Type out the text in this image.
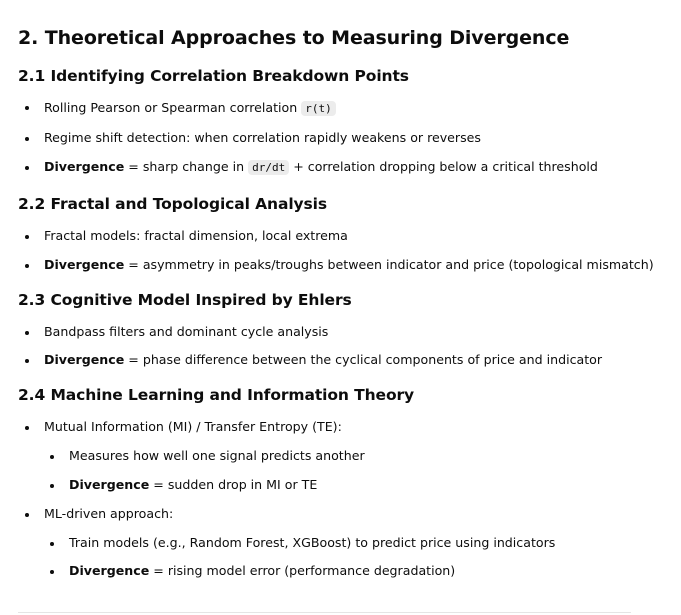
2. Theoretical Approaches to Measuring Divergence
2.1 Identifying Correlation Breakdown Points
Rolling Pearson or Spearman correlation r(t)
Regime shift detection: when correlation rapidly weakens or reverses
Divergence = sharp change in dr/dt + correlation dropping below a critical threshold
2.2 Fractal and Topological Analysis
Fractal models: fractal dimension, local extrema
Divergence = asymmetry in peaks/troughs between indicator and price (topological mismatch)
2.3 Cognitive Model Inspired by Ehlers
Bandpass filters and dominant cycle analysis
Divergence = phase difference between the cyclical components of price and indicator
2.4 Machine Learning and Information Theory
Mutual Information (MI) / Transfer Entropy (TE):
Measures how well one signal predicts another
Divergence = sudden drop in MI or TE
ML-driven approach:
Train models (e.g., Random Forest, XGBoost) to predict price using indicators
Divergence = rising model error (performance degradation)
